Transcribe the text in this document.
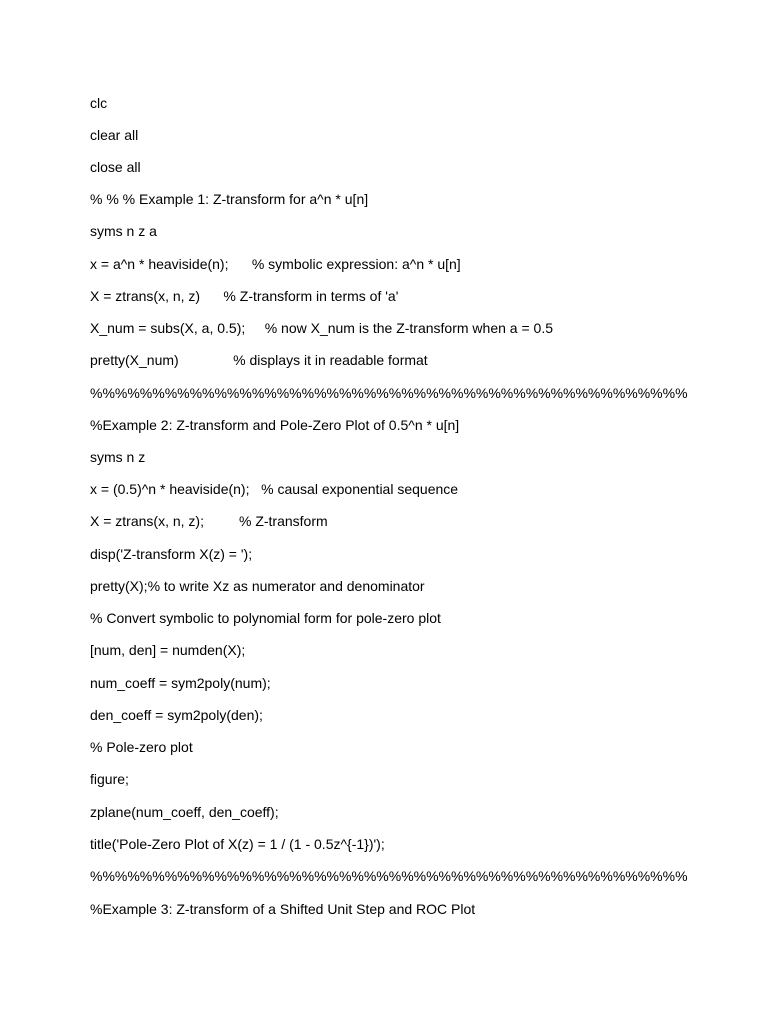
clc
clear all
close all
% % % Example 1: Z-transform for a^n * u[n]
syms n z a
x = a^n * heaviside(n);      % symbolic expression: a^n * u[n]
X = ztrans(x, n, z)      % Z-transform in terms of 'a'
X_num = subs(X, a, 0.5);     % now X_num is the Z-transform when a = 0.5
pretty(X_num)              % displays it in readable format
%%%%%%%%%%%%%%%%%%%%%%%%%%%%%%%%%%%%%%%%%%%%%%%%
%Example 2: Z-transform and Pole-Zero Plot of 0.5^n * u[n]
syms n z
x = (0.5)^n * heaviside(n);   % causal exponential sequence
X = ztrans(x, n, z);         % Z-transform
disp('Z-transform X(z) = ');
pretty(X);% to write Xz as numerator and denominator
% Convert symbolic to polynomial form for pole-zero plot
[num, den] = numden(X);
num_coeff = sym2poly(num);
den_coeff = sym2poly(den);
% Pole-zero plot
figure;
zplane(num_coeff, den_coeff);
title('Pole-Zero Plot of X(z) = 1 / (1 - 0.5z^{-1})');
%%%%%%%%%%%%%%%%%%%%%%%%%%%%%%%%%%%%%%%%%%%%%%%%
%Example 3: Z-transform of a Shifted Unit Step and ROC Plot
